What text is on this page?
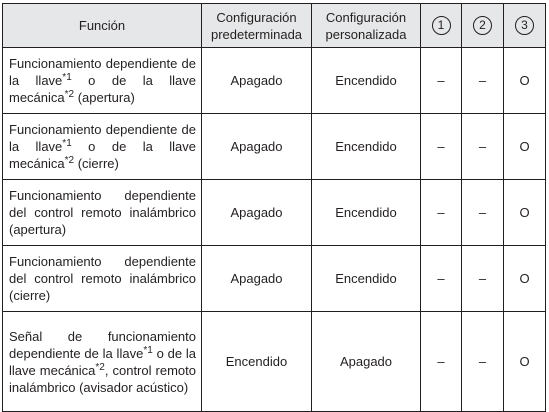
Función	Configuración predeterminada	Configuración personalizada	1	2	3
Funcionamiento dependiente de la llave$^{*1}$ o de la llave mecánica$^{*2}$ (apertura)	Apagado	Encendido	–	–	O
Funcionamiento dependiente de la llave$^{*1}$ o de la llave mecánica$^{*2}$ (cierre)	Apagado	Encendido	–	–	O
Funcionamiento dependiente del control remoto inalámbrico (apertura)	Apagado	Encendido	–	–	O
Funcionamiento dependiente del control remoto inalámbrico (cierre)	Apagado	Encendido	–	–	O
Señal de funcionamiento dependiente de la llave$^{*1}$ o de la llave mecánica$^{*2}$, control remoto inalámbrico (avisador acústico)	Encendido	Apagado	–	–	O
